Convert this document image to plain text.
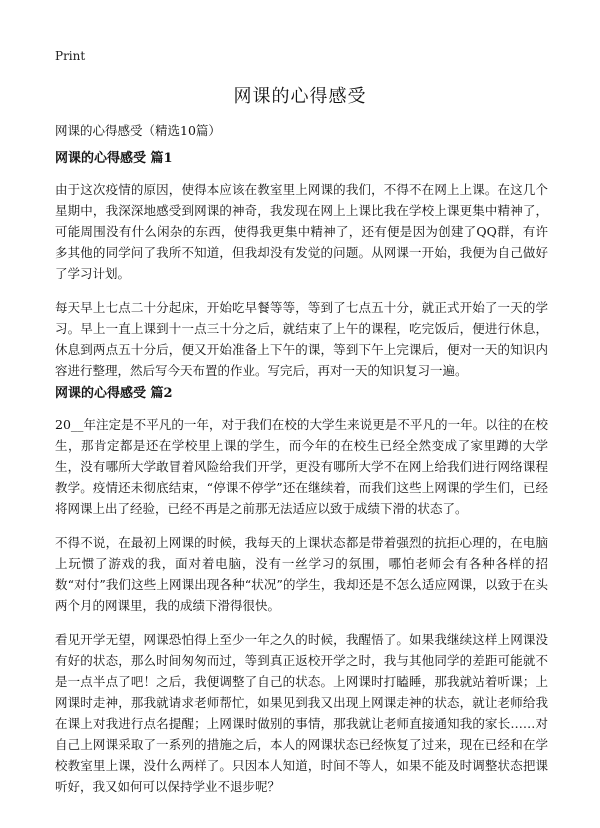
Print
网课的心得感受

网课的心得感受（精选10篇）

网课的心得感受 篇1

由于这次疫情的原因，使得本应该在教室里上网课的我们，不得不在网上上课。在这几个星期中，我深深地感受到网课的神奇，我发现在网上上课比我在学校上课更集中精神了，可能周围没有什么闲杂的东西，使得我更集中精神了，还有便是因为创建了QQ群，有许多其他的同学问了我所不知道，但我却没有发觉的问题。从网课一开始，我便为自己做好了学习计划。

每天早上七点二十分起床，开始吃早餐等等，等到了七点五十分，就正式开始了一天的学习。早上一直上课到十一点三十分之后，就结束了上午的课程，吃完饭后，便进行休息，休息到两点五十分后，便又开始准备上下午的课，等到下午上完课后，便对一天的知识内容进行整理，然后写今天布置的作业。写完后，再对一天的知识复习一遍。

网课的心得感受 篇2

20__年注定是不平凡的一年，对于我们在校的大学生来说更是不平凡的一年。以往的在校生，那肯定都是还在学校里上课的学生，而今年的在校生已经全然变成了家里蹲的大学生，没有哪所大学敢冒着风险给我们开学，更没有哪所大学不在网上给我们进行网络课程教学。疫情还未彻底结束，“停课不停学”还在继续着，而我们这些上网课的学生们，已经将网课上出了经验，已经不再是之前那无法适应以致于成绩下滑的状态了。

不得不说，在最初上网课的时候，我每天的上课状态都是带着强烈的抗拒心理的，在电脑上玩惯了游戏的我，面对着电脑，没有一丝学习的氛围，哪怕老师会有各种各样的招数“对付”我们这些上网课出现各种“状况”的学生，我却还是不怎么适应网课，以致于在头两个月的网课里，我的成绩下滑得很快。

看见开学无望，网课恐怕得上至少一年之久的时候，我醒悟了。如果我继续这样上网课没有好的状态，那么时间匆匆而过，等到真正返校开学之时，我与其他同学的差距可能就不是一点半点了吧！之后，我便调整了自己的状态。上网课时打瞌睡，那我就站着听课；上网课时走神，那我就请求老师帮忙，如果见到我又出现上网课走神的状态，就让老师给我在课上对我进行点名提醒；上网课时做别的事情，那我就让老师直接通知我的家长……对自己上网课采取了一系列的措施之后，本人的网课状态已经恢复了过来，现在已经和在学校教室里上课，没什么两样了。只因本人知道，时间不等人，如果不能及时调整状态把课听好，我又如何可以保持学业不退步呢？
